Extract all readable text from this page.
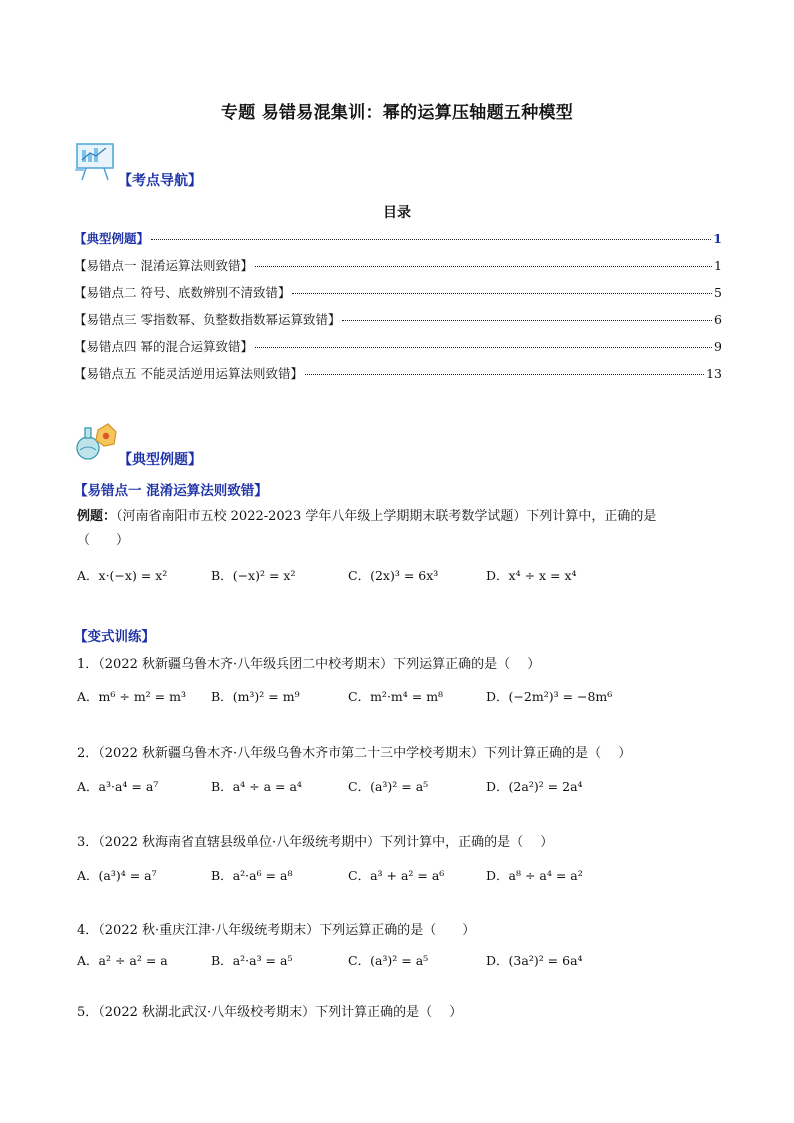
专题 易错易混集训：幂的运算压轴题五种模型
【考点导航】
目录
【典型例题】	1
【易错点一 混淆运算法则致错】	1
【易错点二 符号、底数辨别不清致错】	5
【易错点三 零指数幂、负整数指数幂运算致错】	6
【易错点四 幂的混合运算致错】	9
【易错点五 不能灵活逆用运算法则致错】	13
【典型例题】
【易错点一 混淆运算法则致错】
例题：（河南省南阳市五校 2022-2023 学年八年级上学期期末联考数学试题）下列计算中，正确的是
（　　）
A．x·(−x) = x²	B．(−x)² = x²	C．(2x)³ = 6x³	D．x⁴ ÷ x = x⁴
【变式训练】
1．（2022 秋新疆乌鲁木齐·八年级兵团二中校考期末）下列运算正确的是（　 ）
A．m⁶ ÷ m² = m³ B．(m³)² = m⁹	C．m²·m⁴ = m⁸	D．(−2m²)³ = −8m⁶
2．（2022 秋新疆乌鲁木齐·八年级乌鲁木齐市第二十三中学校考期末）下列计算正确的是（　 ）
A．a³·a⁴ = a⁷	B．a⁴ ÷ a = a⁴	C．(a³)² = a⁵	D．(2a²)² = 2a⁴
3．（2022 秋海南省直辖县级单位·八年级统考期中）下列计算中，正确的是（　 ）
A．(a³)⁴ = a⁷	B．a²·a⁶ = a⁸	C．a³ + a² = a⁶	D．a⁸ ÷ a⁴ = a²
4．（2022 秋·重庆江津·八年级统考期末）下列运算正确的是（　　）
A．a² ÷ a² = a	B．a²·a³ = a⁵	C．(a³)² = a⁵	D．(3a²)² = 6a⁴
5．（2022 秋湖北武汉·八年级校考期末）下列计算正确的是（　 ）
